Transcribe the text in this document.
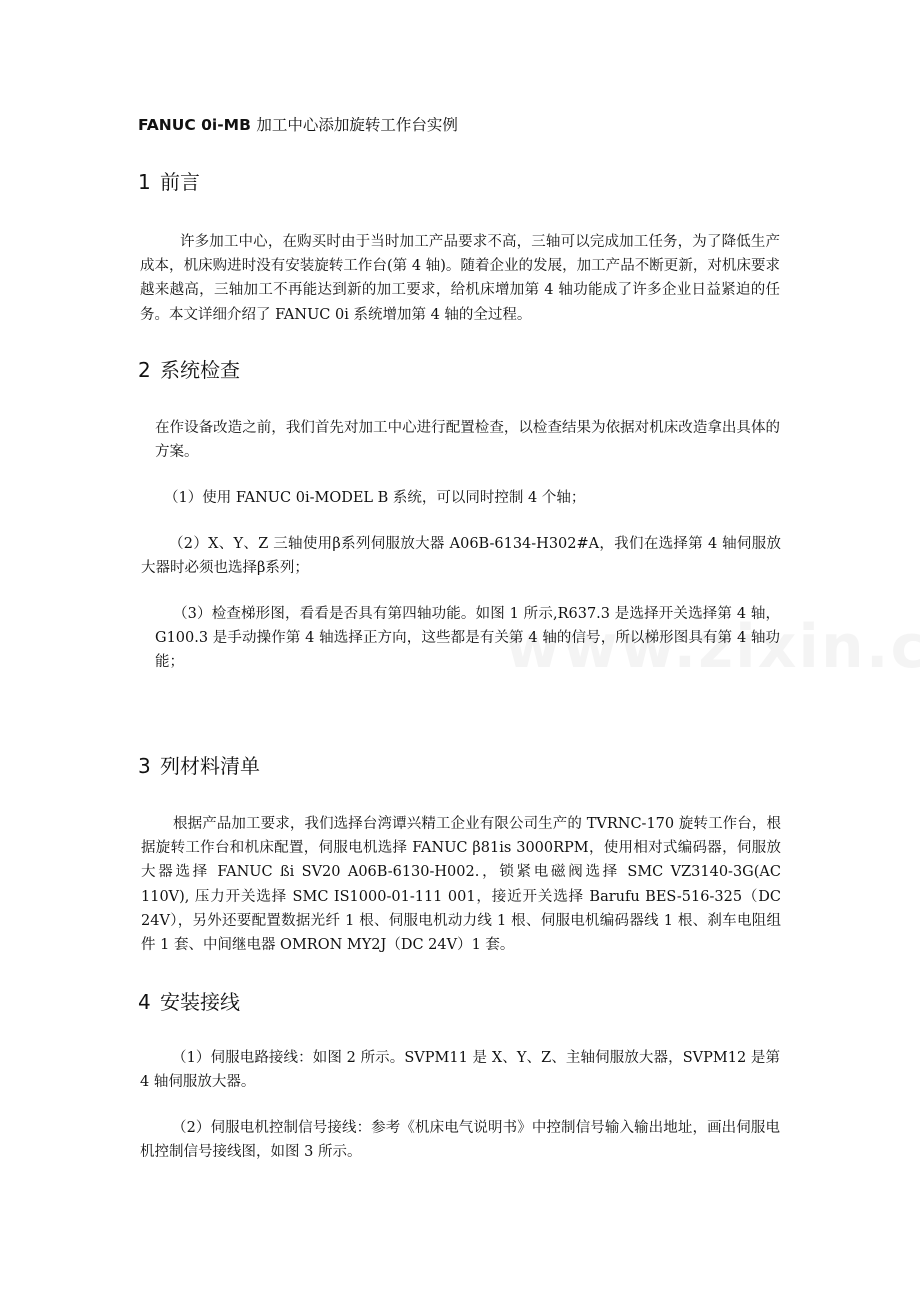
FANUC 0i-MB 加工中心添加旋转工作台实例
1 前言

许多加工中心，在购买时由于当时加工产品要求不高，三轴可以完成加工任务，为了降低生产成本，机床购进时没有安装旋转工作台(第 4 轴)。随着企业的发展，加工产品不断更新，对机床要求越来越高，三轴加工不再能达到新的加工要求，给机床增加第 4 轴功能成了许多企业日益紧迫的任务。本文详细介绍了 FANUC 0i 系统增加第 4 轴的全过程。

2 系统检查

在作设备改造之前，我们首先对加工中心进行配置检查，以检查结果为依据对机床改造拿出具体的方案。

（1）使用 FANUC 0i-MODEL B 系统，可以同时控制 4 个轴；

（2）X、Y、Z 三轴使用β系列伺服放大器 A06B-6134-H302#A，我们在选择第 4 轴伺服放大器时必须也选择β系列；

（3）检查梯形图，看看是否具有第四轴功能。如图 1 所示,R637.3 是选择开关选择第 4 轴， G100.3 是手动操作第 4 轴选择正方向，这些都是有关第 4 轴的信号，所以梯形图具有第 4 轴功能；

3 列材料清单

根据产品加工要求，我们选择台湾谭兴精工企业有限公司生产的 TVRNC-170 旋转工作台，根据旋转工作台和机床配置，伺服电机选择 FANUC β81is 3000RPM，使用相对式编码器，伺服放大器选择 FANUC ßi SV20 A06B-6130-H002.，锁紧电磁阀选择 SMC VZ3140-3G(AC 110V), 压力开关选择 SMC IS1000-01-111 001，接近开关选择 Barufu BES-516-325（DC 24V），另外还要配置数据光纤 1 根、伺服电机动力线 1 根、伺服电机编码器线 1 根、刹车电阻组件 1 套、中间继电器 OMRON MY2J（DC 24V）1 套。

4 安装接线

（1）伺服电路接线：如图 2 所示。SVPM11 是 X、Y、Z、主轴伺服放大器，SVPM12 是第 4 轴伺服放大器。

（2）伺服电机控制信号接线：参考《机床电气说明书》中控制信号输入输出地址，画出伺服电机控制信号接线图，如图 3 所示。
